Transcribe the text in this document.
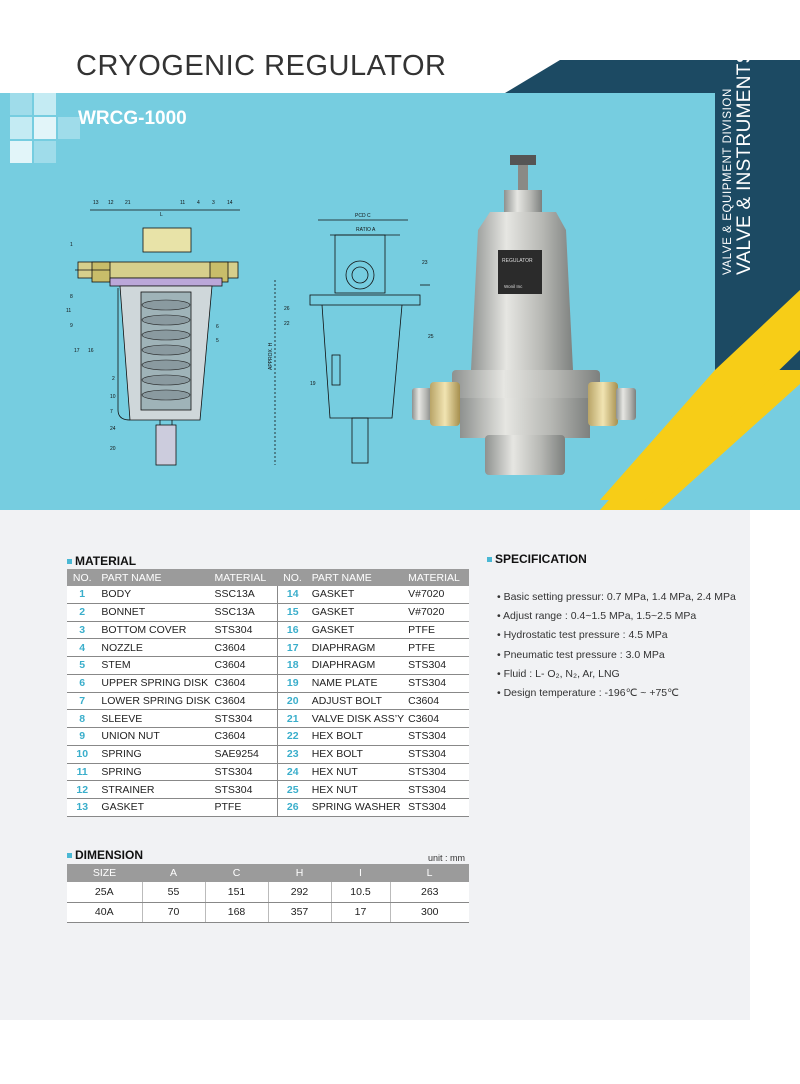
CRYOGENIC REGULATOR
WRCG-1000	VALVE & EQUIPMENT DIVISION VALVE & INSTRUMENTS
13 12 21	11 4 3 14
1
8
11
9
17 16
6
5
2
10
7
24
20
23
26
22
25
19
L	PCD C
RATIO A
APPROX. H
REGULATOR
Wonil Inc
MATERIAL
NO.	PART NAME	MATERIAL	NO.	PART NAME	MATERIAL
1	BODY	SSC13A	14	GASKET	V#7020
2	BONNET	SSC13A	15	GASKET	V#7020
3	BOTTOM COVER	STS304	16	GASKET	PTFE
4	NOZZLE	C3604	17	DIAPHRAGM	PTFE
5	STEM	C3604	18	DIAPHRAGM	STS304
6	UPPER SPRING DISK	C3604	19	NAME PLATE	STS304
7	LOWER SPRING DISK	C3604	20	ADJUST BOLT	C3604
8	SLEEVE	STS304	21	VALVE DISK ASS’Y	C3604
9	UNION NUT	C3604	22	HEX BOLT	STS304
10	SPRING	SAE9254	23	HEX BOLT	STS304
11	SPRING	STS304	24	HEX NUT	STS304
12	STRAINER	STS304	25	HEX NUT	STS304
13	GASKET	PTFE	26	SPRING WASHER	STS304
DIMENSION	unit : mm
SIZE	A	C	H	I	L
25A	55	151	292	10.5	263
40A	70	168	357	17	300
SPECIFICATION
• Basic setting pressur: 0.7 MPa, 1.4 MPa, 2.4 MPa
• Adjust range : 0.4~1.5 MPa, 1.5~2.5 MPa
• Hydrostatic test pressure : 4.5 MPa
• Pneumatic test pressure : 3.0 MPa
• Fluid : L- O₂, N₂, Ar, LNG
• Design temperature : -196℃ ~ +75℃
